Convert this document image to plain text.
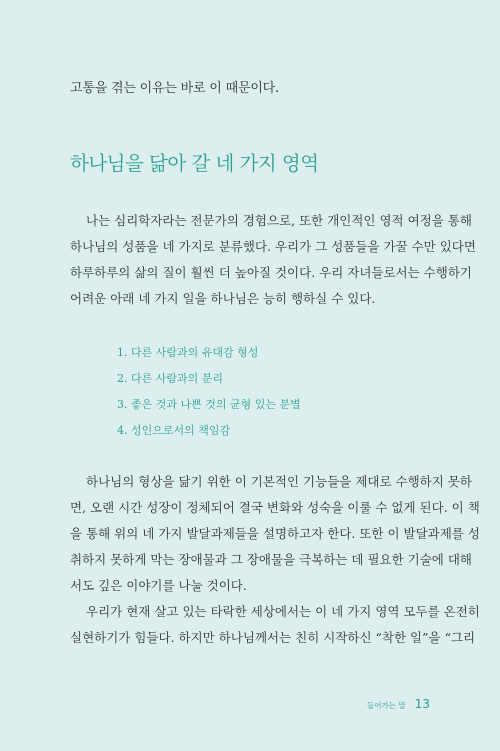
고통을 겪는 이유는 바로 이 때문이다.
하나님을 닮아 갈 네 가지 영역
나는 심리학자라는 전문가의 경험으로, 또한 개인적인 영적 여정을 통해
하나님의 성품을 네 가지로 분류했다. 우리가 그 성품들을 가꿀 수만 있다면
하루하루의 삶의 질이 훨씬 더 높아질 것이다. 우리 자녀들로서는 수행하기
어려운 아래 네 가지 일을 하나님은 능히 행하실 수 있다.
1. 다른 사람과의 유대감 형성
2. 다른 사람과의 분리
3. 좋은 것과 나쁜 것의 균형 있는 분별
4. 성인으로서의 책임감
하나님의 형상을 닮기 위한 이 기본적인 기능들을 제대로 수행하지 못하
면, 오랜 시간 성장이 정체되어 결국 변화와 성숙을 이룰 수 없게 된다. 이 책
을 통해 위의 네 가지 발달과제들을 설명하고자 한다. 또한 이 발달과제를 성
취하지 못하게 막는 장애물과 그 장애물을 극복하는 데 필요한 기술에 대해
서도 깊은 이야기를 나눌 것이다.
우리가 현재 살고 있는 타락한 세상에서는 이 네 가지 영역 모두를 온전히
실현하기가 힘들다. 하지만 하나님께서는 친히 시작하신 “착한 일”을 “그리
들어가는 말 13
